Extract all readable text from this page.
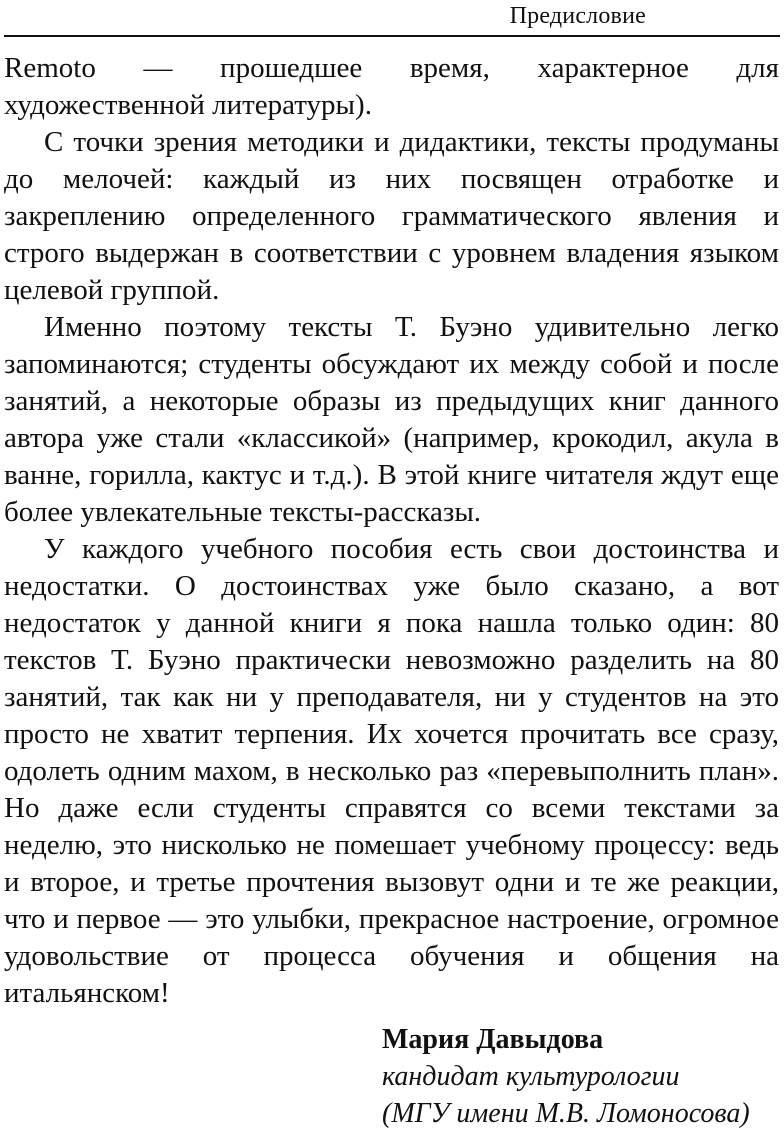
Предисловие

Remoto — прошедшее время, характерное для художественной литературы).

С точки зрения методики и дидактики, тексты продуманы до мелочей: каждый из них посвящен отработке и закреплению определенного грамматического явления и строго выдержан в соответствии с уровнем владения языком целевой группой.

Именно поэтому тексты Т. Буэно удивительно легко запоминаются; студенты обсуждают их между собой и после занятий, а некоторые образы из предыдущих книг данного автора уже стали «классикой» (например, крокодил, акула в ванне, горилла, кактус и т.д.). В этой книге читателя ждут еще более увлекательные тексты-рассказы.

У каждого учебного пособия есть свои достоинства и недостатки. О достоинствах уже было сказано, а вот недостаток у данной книги я пока нашла только один: 80 текстов Т. Буэно практически невозможно разделить на 80 занятий, так как ни у преподавателя, ни у студентов на это просто не хватит терпения. Их хочется прочитать все сразу, одолеть одним махом, в несколько раз «перевыполнить план». Но даже если студенты справятся со всеми текстами за неделю, это нисколько не помешает учебному процессу: ведь и второе, и третье прочтения вызовут одни и те же реакции, что и первое — это улыбки, прекрасное настроение, огромное удовольствие от процесса обучения и общения на итальянском!

Мария Давыдова
кандидат культурологии
(МГУ имени М.В. Ломоносова)
